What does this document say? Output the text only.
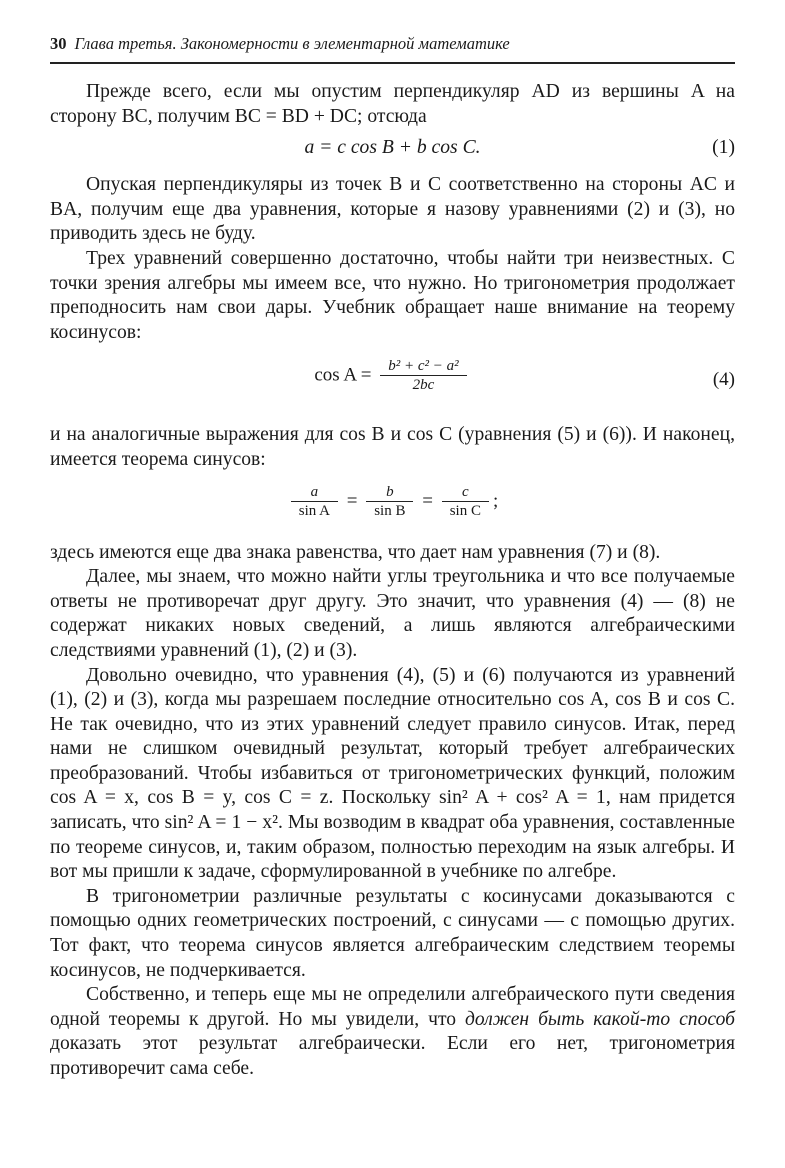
30 Глава третья. Закономерности в элементарной математике

Прежде всего, если мы опустим перпендикуляр AD из вершины A на сторону BC, получим BC = BD + DC; отсюда

a = c cos B + b cos C.	(1)

Опуская перпендикуляры из точек B и C соответственно на стороны AC и BA, получим еще два уравнения, которые я назову уравнениями (2) и (3), но приводить здесь не буду.

Трех уравнений совершенно достаточно, чтобы найти три неизвестных. С точки зрения алгебры мы имеем все, что нужно. Но тригонометрия продолжает преподносить нам свои дары. Учебник обращает наше внимание на теорему косинусов:

$\cos A = \frac{\text{b² + c² − a²}}{2bc}$	(4)

и на аналогичные выражения для cos B и cos C (уравнения (5) и (6)). И наконец, имеется теорема синусов:

$\frac{a}{\text{sin A}} = \frac{b}{\text{sin B}} = \frac{c}{\text{sin C}}$ ;

здесь имеются еще два знака равенства, что дает нам уравнения (7) и (8).

Далее, мы знаем, что можно найти углы треугольника и что все получаемые ответы не противоречат друг другу. Это значит, что уравнения (4) — (8) не содержат никаких новых сведений, а лишь являются алгебраическими следствиями уравнений (1), (2) и (3).

Довольно очевидно, что уравнения (4), (5) и (6) получаются из уравнений (1), (2) и (3), когда мы разрешаем последние относительно cos A, cos B и cos C. Не так очевидно, что из этих уравнений следует правило синусов. Итак, перед нами не слишком очевидный результат, который требует алгебраических преобразований. Чтобы избавиться от тригонометрических функций, положим cos A = x, cos B = y, cos C = z. Поскольку sin² A + cos² A = 1, нам придется записать, что sin² A = 1 − x². Мы возводим в квадрат оба уравнения, составленные по теореме синусов, и, таким образом, полностью переходим на язык алгебры. И вот мы пришли к задаче, сформулированной в учебнике по алгебре.

В тригонометрии различные результаты с косинусами доказываются с помощью одних геометрических построений, с синусами — с помощью других. Тот факт, что теорема синусов является алгебраическим следствием теоремы косинусов, не подчеркивается.

Собственно, и теперь еще мы не определили алгебраического пути сведения одной теоремы к другой. Но мы увидели, что должен быть какой-то способ доказать этот результат алгебраически. Если его нет, тригонометрия противоречит сама себе.
